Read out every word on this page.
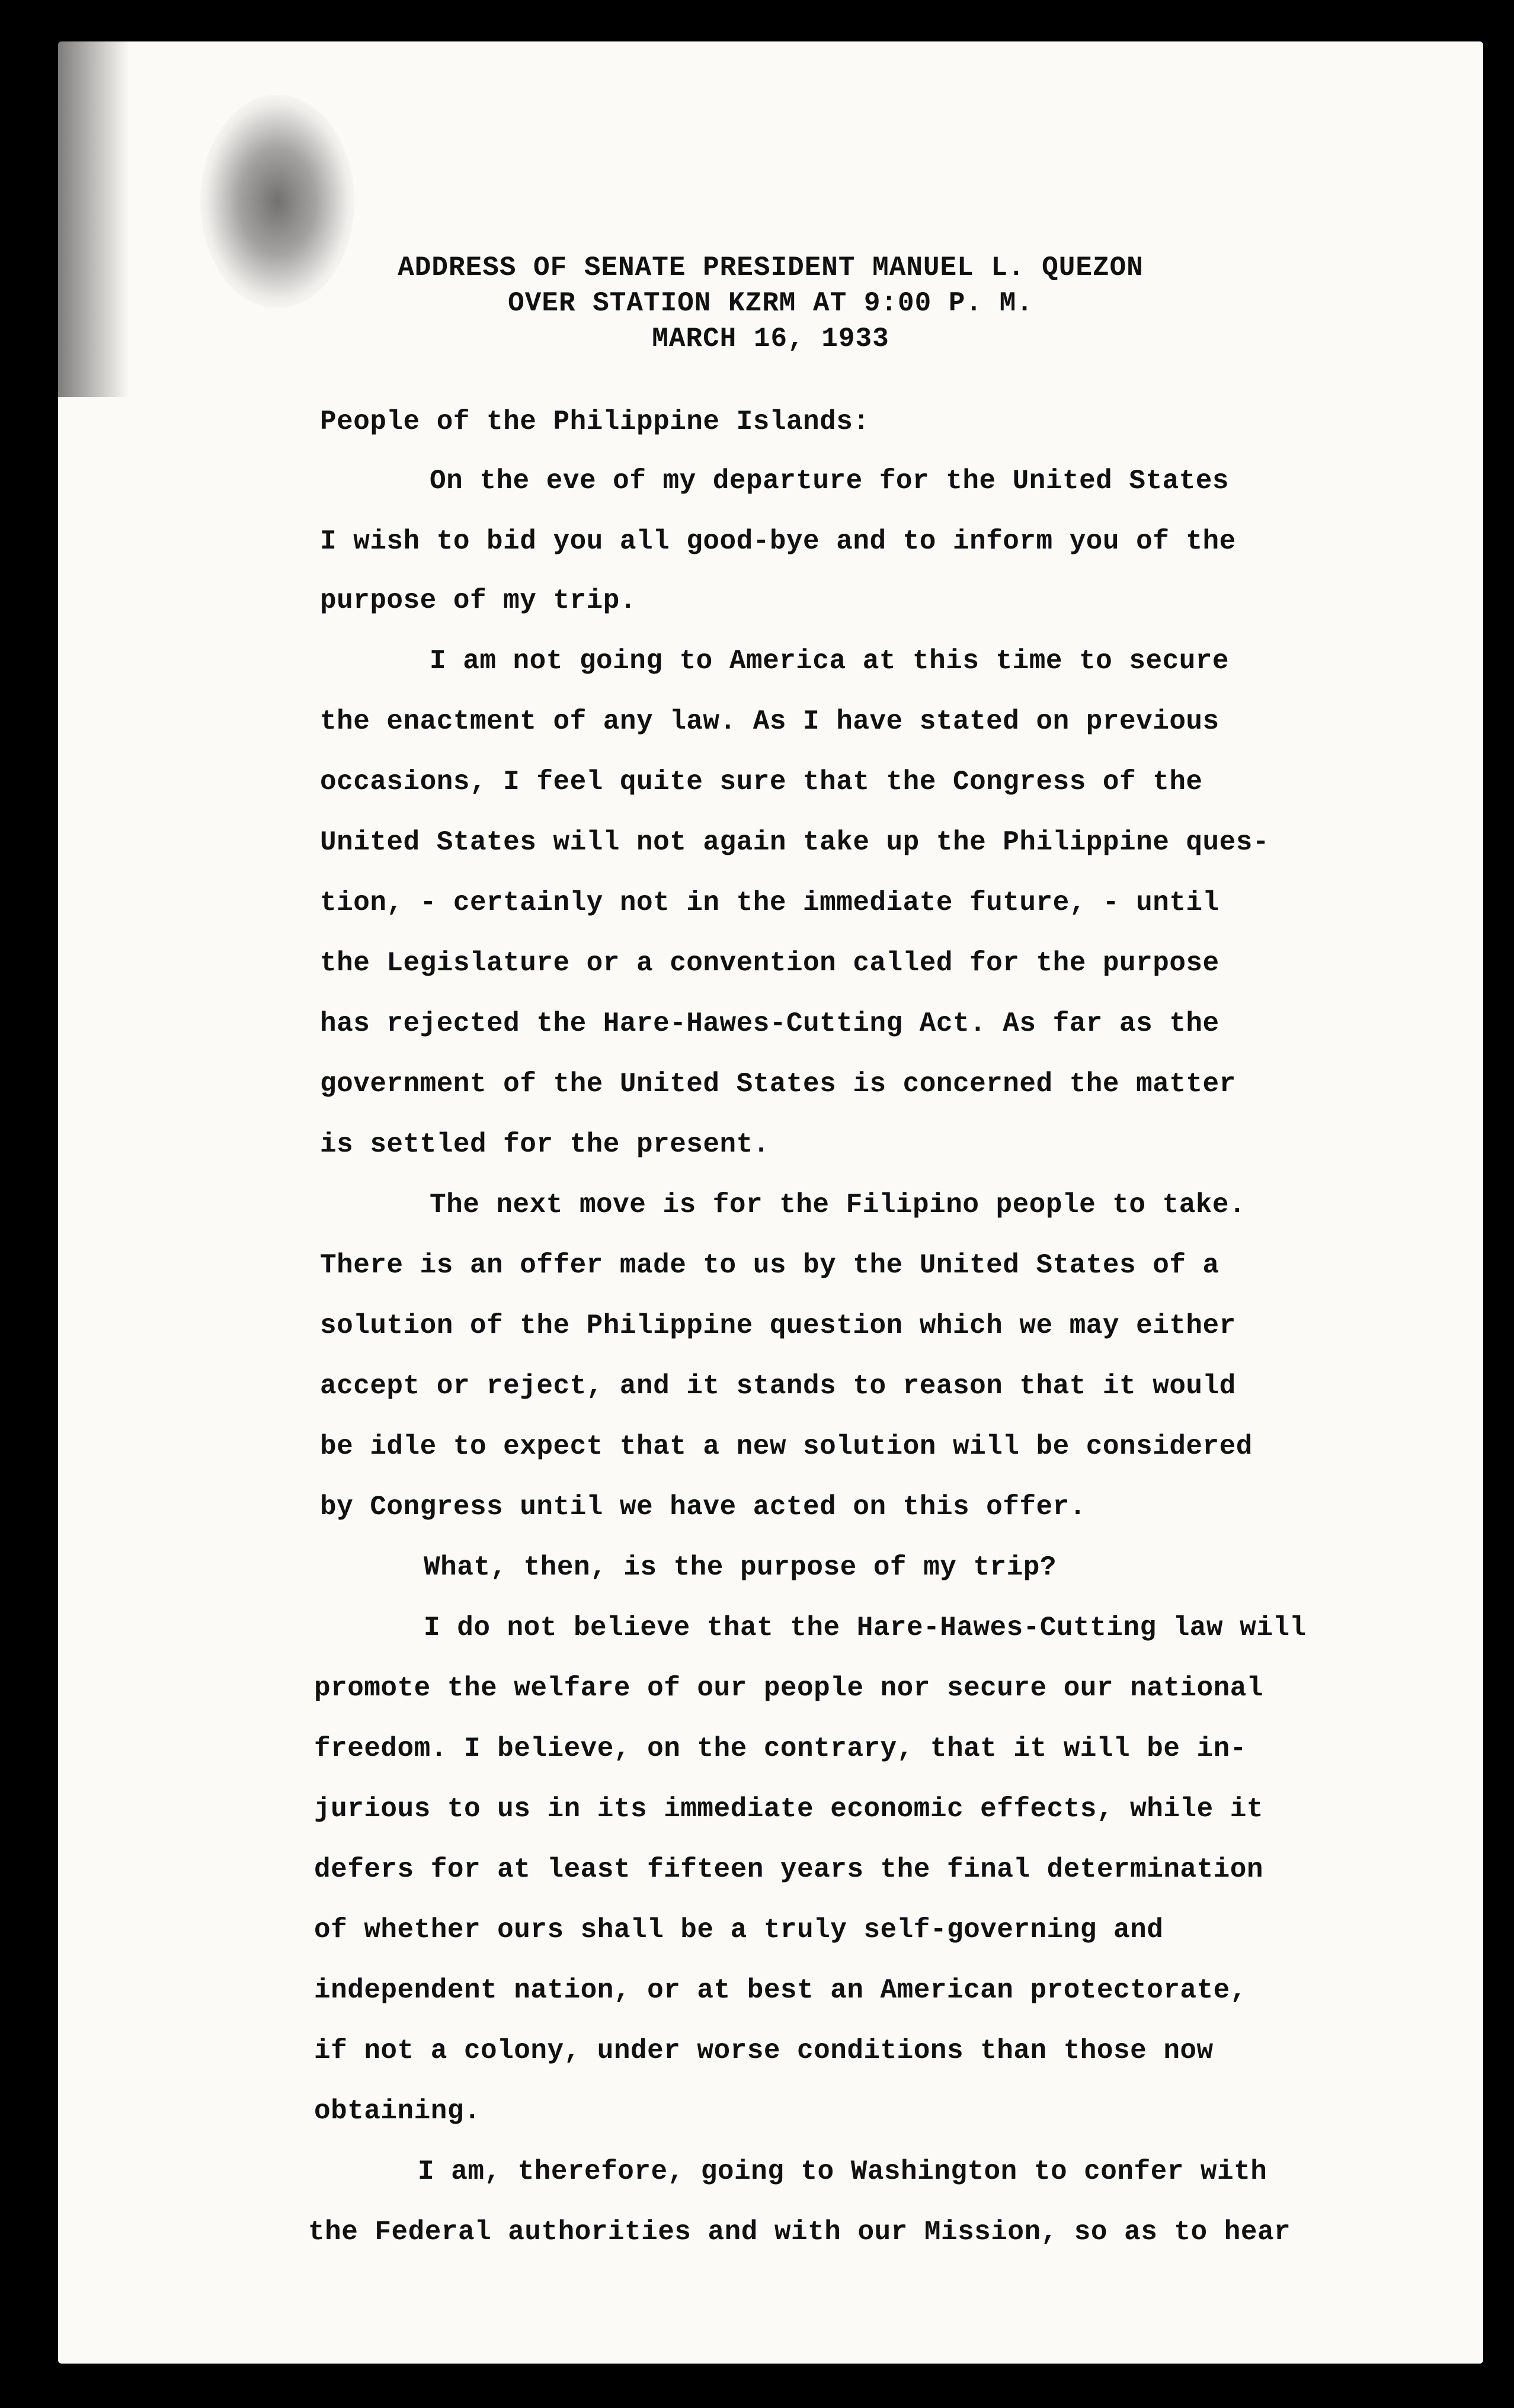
ADDRESS OF SENATE PRESIDENT MANUEL L. QUEZON
OVER STATION KZRM AT 9:00 P. M.
MARCH 16, 1933
People of the Philippine Islands:
On the eve of my departure for the United States
I wish to bid you all good-bye and to inform you of the
purpose of my trip.
I am not going to America at this time to secure
the enactment of any law. As I have stated on previous
occasions, I feel quite sure that the Congress of the
United States will not again take up the Philippine ques-
tion, - certainly not in the immediate future, - until
the Legislature or a convention called for the purpose
has rejected the Hare-Hawes-Cutting Act. As far as the
government of the United States is concerned the matter
is settled for the present.
The next move is for the Filipino people to take.
There is an offer made to us by the United States of a
solution of the Philippine question which we may either
accept or reject, and it stands to reason that it would
be idle to expect that a new solution will be considered
by Congress until we have acted on this offer.
What, then, is the purpose of my trip?
I do not believe that the Hare-Hawes-Cutting law will
promote the welfare of our people nor secure our national
freedom. I believe, on the contrary, that it will be in-
jurious to us in its immediate economic effects, while it
defers for at least fifteen years the final determination
of whether ours shall be a truly self-governing and
independent nation, or at best an American protectorate,
if not a colony, under worse conditions than those now
obtaining.
I am, therefore, going to Washington to confer with
the Federal authorities and with our Mission, so as to hear
